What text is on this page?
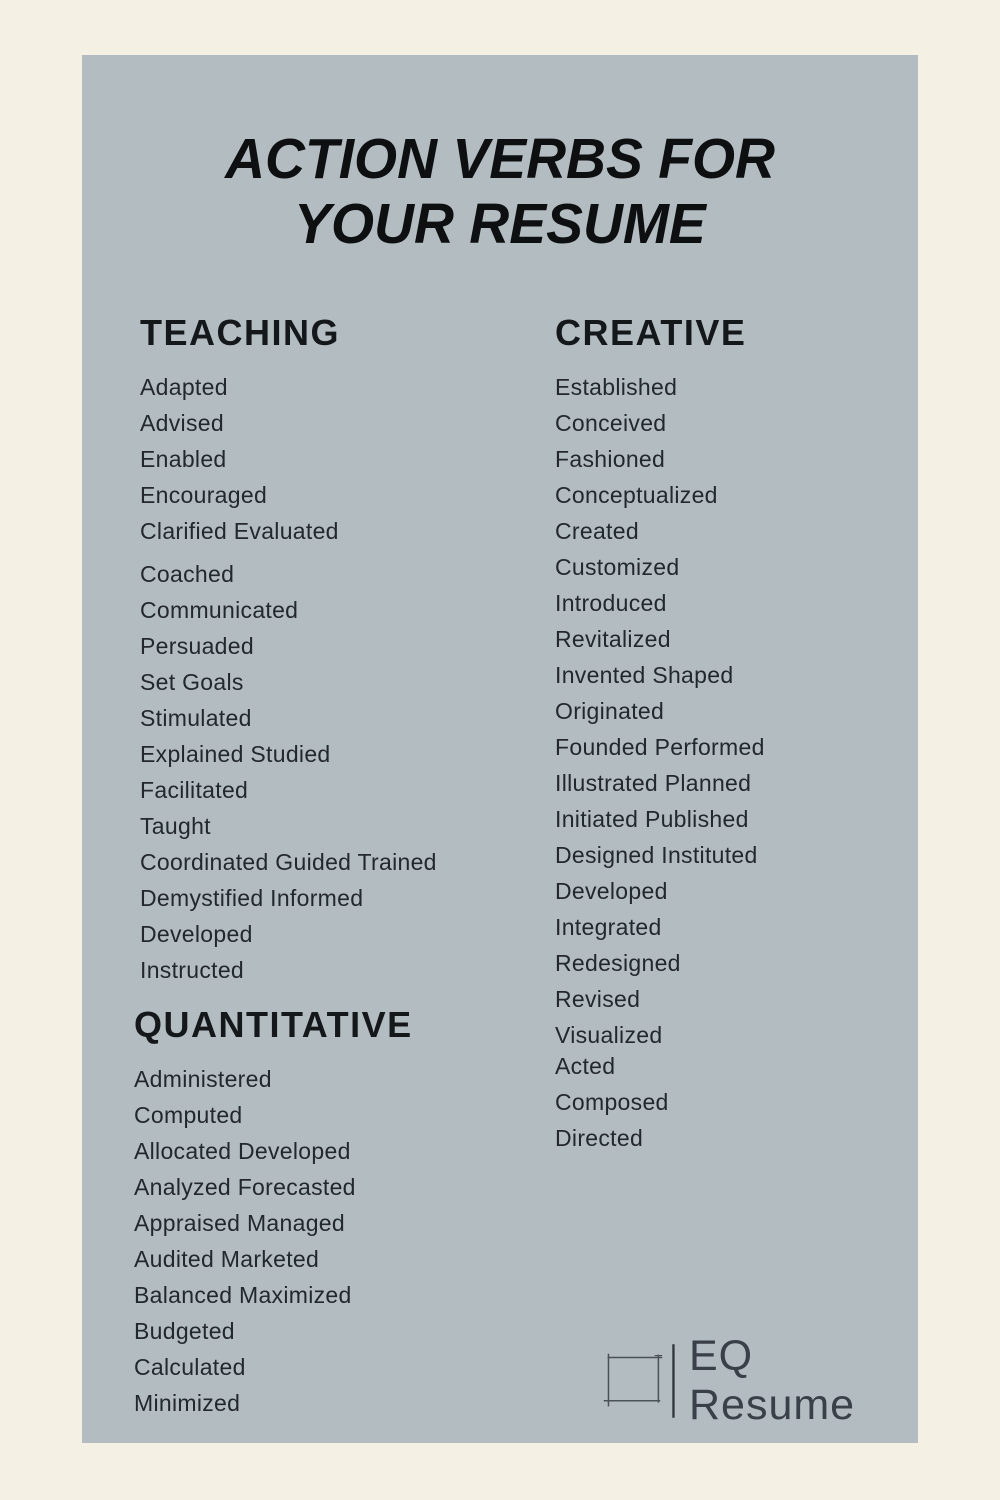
ACTION VERBS FOR
YOUR RESUME
TEACHING
Adapted
Advised
Enabled
Encouraged
Clarified Evaluated
Coached
Communicated
Persuaded
Set Goals
Stimulated
Explained Studied
Facilitated
Taught
Coordinated Guided Trained
Demystified Informed
Developed
Instructed
CREATIVE
Established
Conceived
Fashioned
Conceptualized
Created
Customized
Introduced
Revitalized
Invented Shaped
Originated
Founded Performed
Illustrated Planned
Initiated Published
Designed Instituted
Developed
Integrated
Redesigned
Revised
Visualized
Acted
Composed
Directed
QUANTITATIVE
Administered
Computed
Allocated Developed
Analyzed Forecasted
Appraised Managed
Audited Marketed
Balanced Maximized
Budgeted
Calculated
Minimized
EQ Resume
